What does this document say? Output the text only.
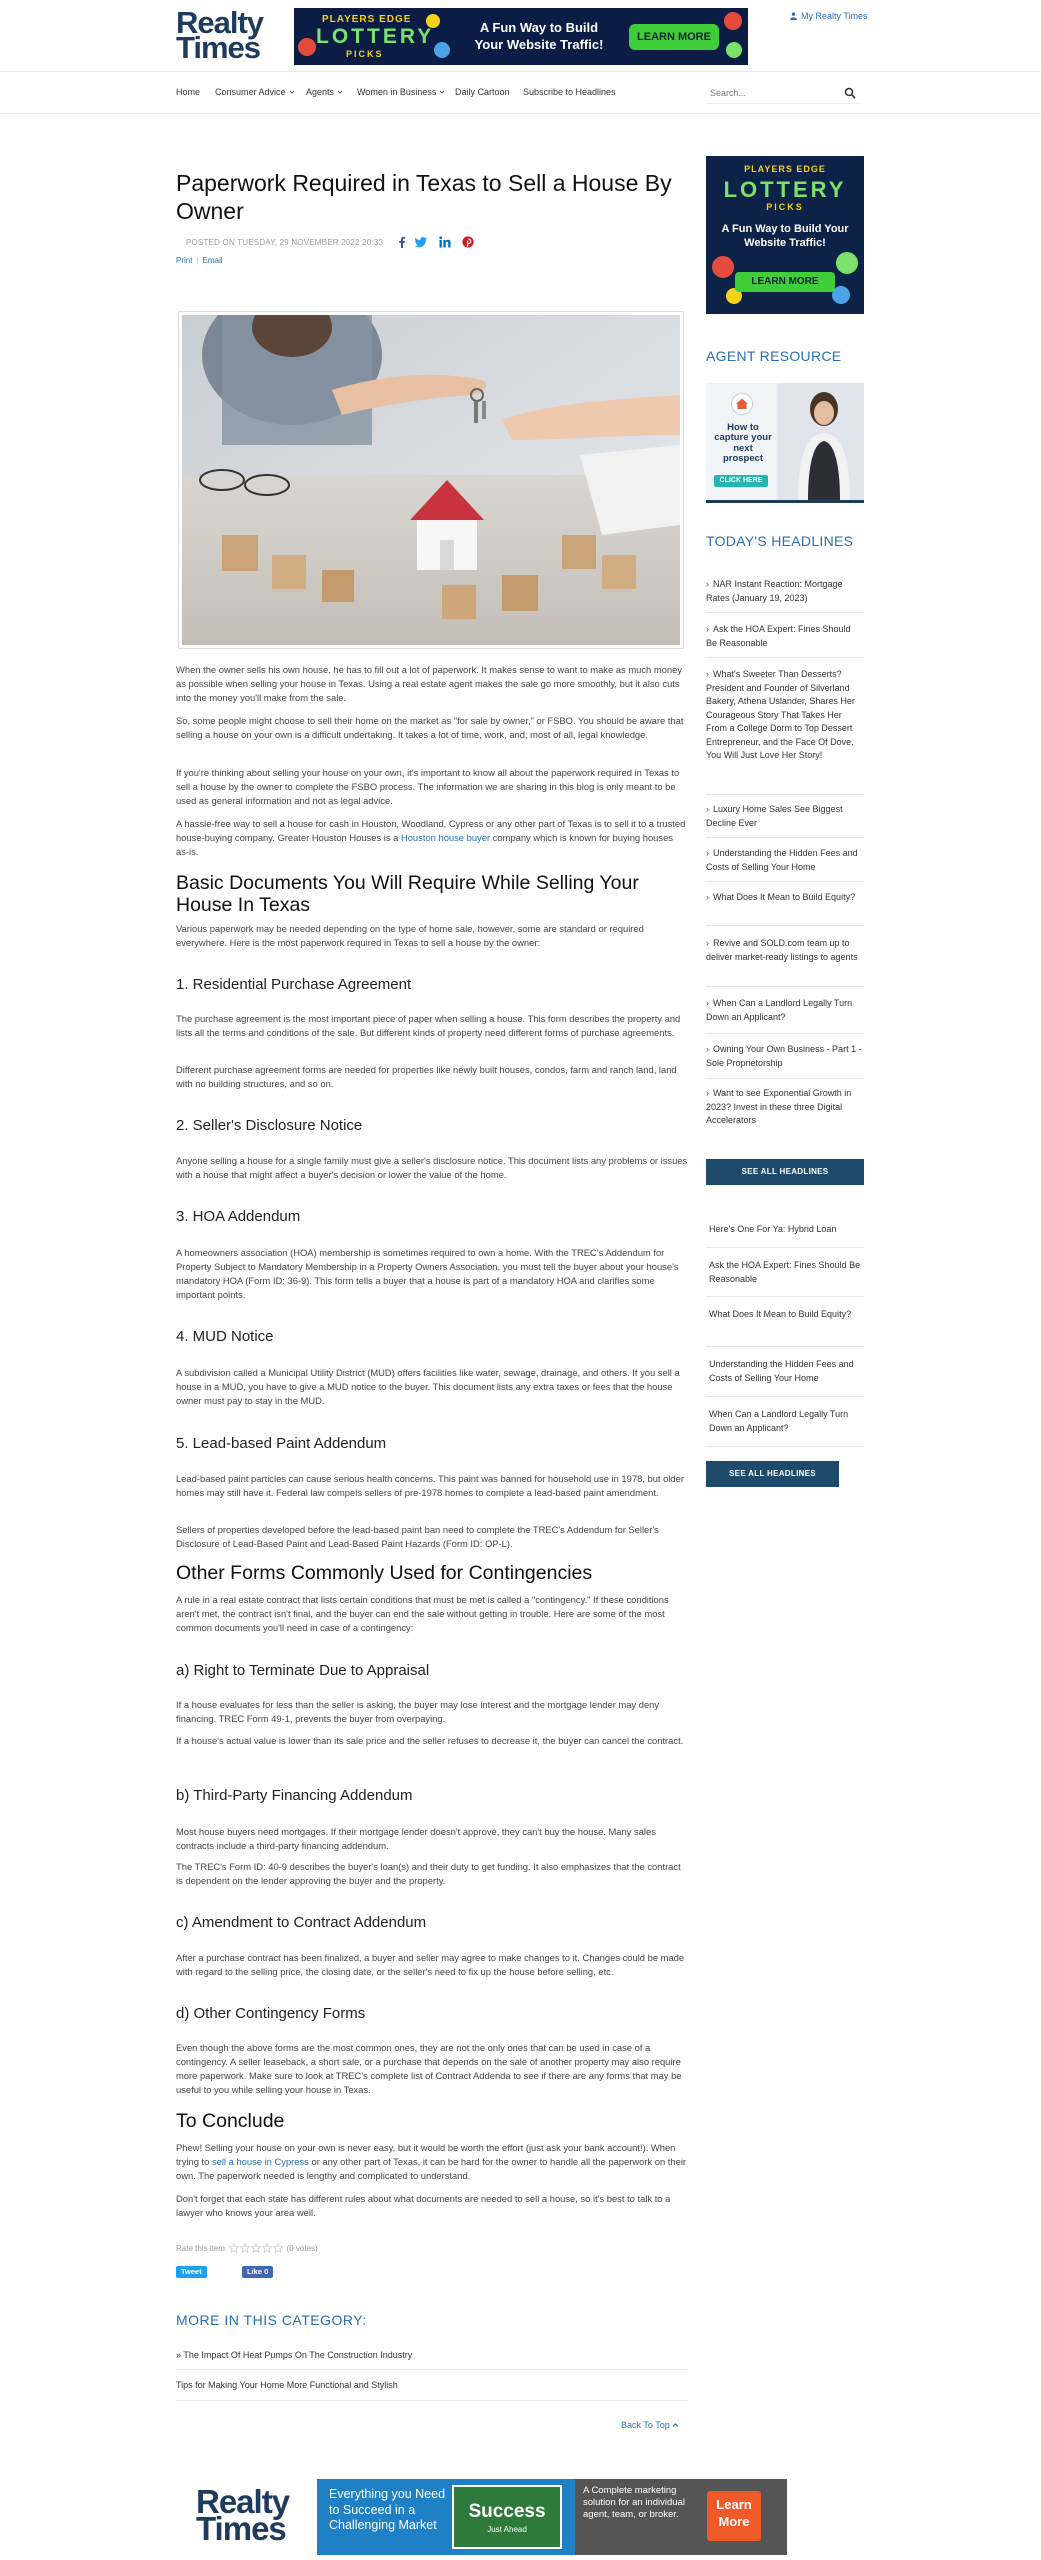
Realty
Times
PLAYERS EDGE
LOTTERY
PICKS
A Fun Way to Build Your Website Traffic!	LEARN MORE
My Realty Times
Home Consumer Advice	Agents	Women in Business	Daily Cartoon Subscribe to Headlines
Search...
Paperwork Required in Texas to Sell a House By Owner
POSTED ON TUESDAY, 29 NOVEMBER 2022 20:33
Print | Email

When the owner sells his own house, he has to fill out a lot of paperwork. It makes sense to want to make as much money as possible when selling your house in Texas. Using a real estate agent makes the sale go more smoothly, but it also cuts into the money you'll make from the sale.

So, some people might choose to sell their home on the market as "for sale by owner," or FSBO. You should be aware that selling a house on your own is a difficult undertaking. It takes a lot of time, work, and, most of all, legal knowledge.

If you're thinking about selling your house on your own, it's important to know all about the paperwork required in Texas to sell a house by the owner to complete the FSBO process. The information we are sharing in this blog is only meant to be used as general information and not as legal advice.

A hassle-free way to sell a house for cash in Houston, Woodland, Cypress or any other part of Texas is to sell it to a trusted house-buying company. Greater Houston Houses is a Houston house buyer company which is known for buying houses as-is.

Basic Documents You Will Require While Selling Your House In Texas

Various paperwork may be needed depending on the type of home sale, however, some are standard or required everywhere. Here is the most paperwork required in Texas to sell a house by the owner:

1. Residential Purchase Agreement

The purchase agreement is the most important piece of paper when selling a house. This form describes the property and lists all the terms and conditions of the sale. But different kinds of property need different forms of purchase agreements.

Different purchase agreement forms are needed for properties like newly built houses, condos, farm and ranch land, land with no building structures, and so on.

2. Seller's Disclosure Notice

Anyone selling a house for a single family must give a seller's disclosure notice. This document lists any problems or issues with a house that might affect a buyer's decision or lower the value of the home.

3. HOA Addendum

A homeowners association (HOA) membership is sometimes required to own a home. With the TREC's Addendum for Property Subject to Mandatory Membership in a Property Owners Association, you must tell the buyer about your house's mandatory HOA (Form ID: 36-9). This form tells a buyer that a house is part of a mandatory HOA and clarifies some important points.

4. MUD Notice

A subdivision called a Municipal Utility District (MUD) offers facilities like water, sewage, drainage, and others. If you sell a house in a MUD, you have to give a MUD notice to the buyer. This document lists any extra taxes or fees that the house owner must pay to stay in the MUD.

5. Lead-based Paint Addendum

Lead-based paint particles can cause serious health concerns. This paint was banned for household use in 1978, but older homes may still have it. Federal law compels sellers of pre-1978 homes to complete a lead-based paint amendment.

Sellers of properties developed before the lead-based paint ban need to complete the TREC's Addendum for Seller's Disclosure of Lead-Based Paint and Lead-Based Paint Hazards (Form ID: OP-L).

Other Forms Commonly Used for Contingencies

A rule in a real estate contract that lists certain conditions that must be met is called a "contingency." If these conditions aren't met, the contract isn't final, and the buyer can end the sale without getting in trouble. Here are some of the most common documents you'll need in case of a contingency:

a) Right to Terminate Due to Appraisal

If a house evaluates for less than the seller is asking, the buyer may lose interest and the mortgage lender may deny financing. TREC Form 49-1, prevents the buyer from overpaying.

If a house's actual value is lower than its sale price and the seller refuses to decrease it, the buyer can cancel the contract.

b) Third-Party Financing Addendum

Most house buyers need mortgages. If their mortgage lender doesn't approve, they can't buy the house. Many sales contracts include a third-party financing addendum.

The TREC's Form ID: 40-9 describes the buyer's loan(s) and their duty to get funding. It also emphasizes that the contract is dependent on the lender approving the buyer and the property.

c) Amendment to Contract Addendum

After a purchase contract has been finalized, a buyer and seller may agree to make changes to it. Changes could be made with regard to the selling price, the closing date, or the seller's need to fix up the house before selling, etc.

d) Other Contingency Forms

Even though the above forms are the most common ones, they are not the only ones that can be used in case of a contingency. A seller leaseback, a short sale, or a purchase that depends on the sale of another property may also require more paperwork. Make sure to look at TREC's complete list of Contract Addenda to see if there are any forms that may be useful to you while selling your house in Texas.

To Conclude

Phew! Selling your house on your own is never easy, but it would be worth the effort (just ask your bank account!). When trying to sell a house in Cypress or any other part of Texas, it can be hard for the owner to handle all the paperwork on their own. The paperwork needed is lengthy and complicated to understand.

Don't forget that each state has different rules about what documents are needed to sell a house, so it's best to talk to a lawyer who knows your area well.

Rate this item	(0 votes)
Tweet	Like 0
MORE IN THIS CATEGORY:
» The Impact Of Heat Pumps On The Construction Industry
Tips for Making Your Home More Functional and Stylish
Back To Top
PLAYERS EDGE
LOTTERY
PICKS
A Fun Way to Build Your Website Traffic!
LEARN MORE
AGENT RESOURCE
How to capture your next prospect
CLICK HERE
TODAY'S HEADLINES
› NAR Instant Reaction: Mortgage Rates (January 19, 2023)
› Ask the HOA Expert: Fines Should Be Reasonable
› What's Sweeter Than Desserts? President and Founder of Silverland Bakery, Athena Uslander, Shares Her Courageous Story That Takes Her From a College Dorm to Top Dessert Entrepreneur, and the Face Of Dove. You Will Just Love Her Story!
› Luxury Home Sales See Biggest Decline Ever
› Understanding the Hidden Fees and Costs of Selling Your Home
› What Does It Mean to Build Equity?
› Revive and SOLD.com team up to deliver market-ready listings to agents
› When Can a Landlord Legally Turn Down an Applicant?
› Owning Your Own Business - Part 1 - Sole Proprietorship
› Want to see Exponential Growth in 2023? Invest in these three Digital Accelerators
SEE ALL HEADLINES
Here's One For Ya: Hybrid Loan
Ask the HOA Expert: Fines Should Be Reasonable
What Does It Mean to Build Equity?
Understanding the Hidden Fees and Costs of Selling Your Home
When Can a Landlord Legally Turn Down an Applicant?
SEE ALL HEADLINES
Realty
Times
Everything you Need to Succeed in a Challenging Market
Success
Just Ahead
A Complete marketing solution for an individual agent, team, or broker.
Learn More
